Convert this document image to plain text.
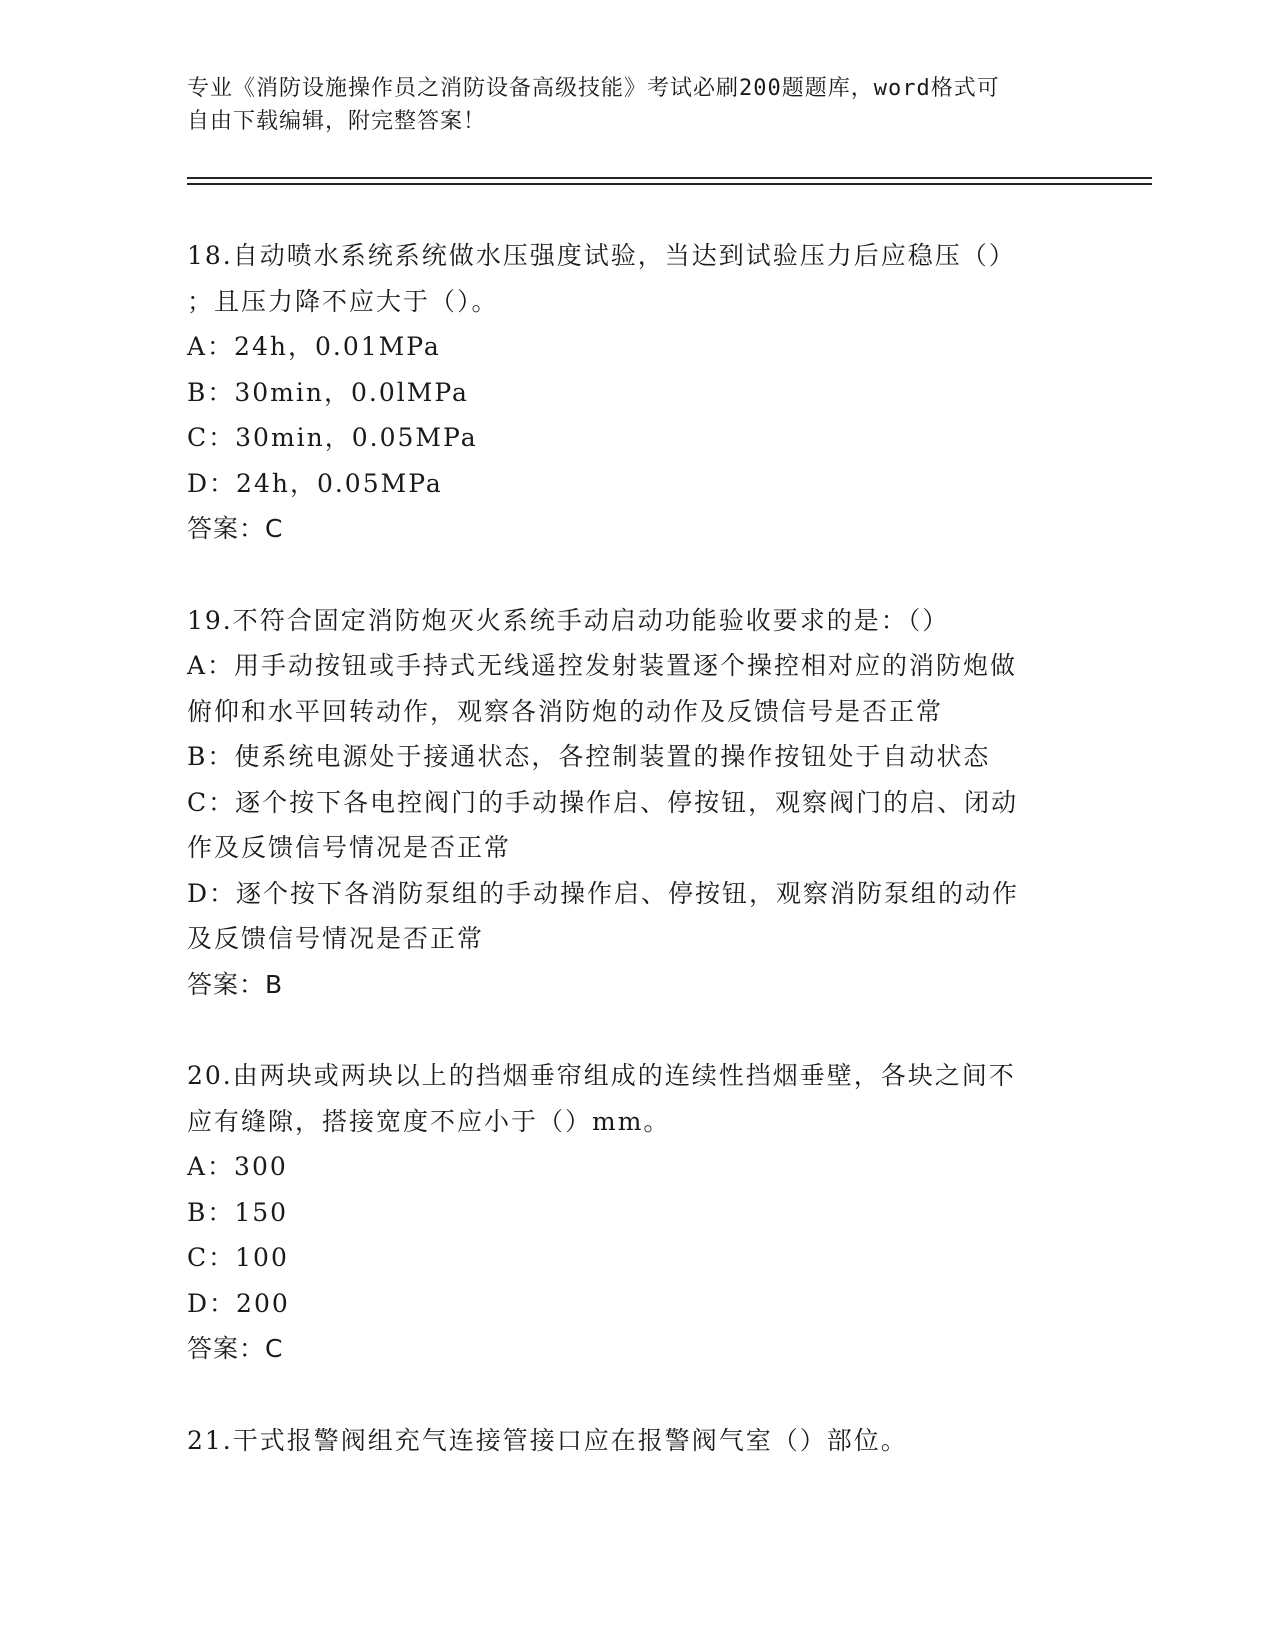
专业《消防设施操作员之消防设备高级技能》考试必刷200题题库，word格式可
自由下载编辑，附完整答案！

18.自动喷水系统系统做水压强度试验，当达到试验压力后应稳压（）

；且压力降不应大于（）。

A：24h，0.01MPa

B：30min，0.0lMPa

C：30min，0.05MPa

D：24h，0.05MPa

答案：C

19.不符合固定消防炮灭火系统手动启动功能验收要求的是：（）

A：用手动按钮或手持式无线遥控发射装置逐个操控相对应的消防炮做

俯仰和水平回转动作，观察各消防炮的动作及反馈信号是否正常

B：使系统电源处于接通状态，各控制装置的操作按钮处于自动状态

C：逐个按下各电控阀门的手动操作启、停按钮，观察阀门的启、闭动

作及反馈信号情况是否正常

D：逐个按下各消防泵组的手动操作启、停按钮，观察消防泵组的动作

及反馈信号情况是否正常

答案：B

20.由两块或两块以上的挡烟垂帘组成的连续性挡烟垂壁，各块之间不

应有缝隙，搭接宽度不应小于（）mm。

A：300

B：150

C：100

D：200

答案：C

21.干式报警阀组充气连接管接口应在报警阀气室（）部位。
